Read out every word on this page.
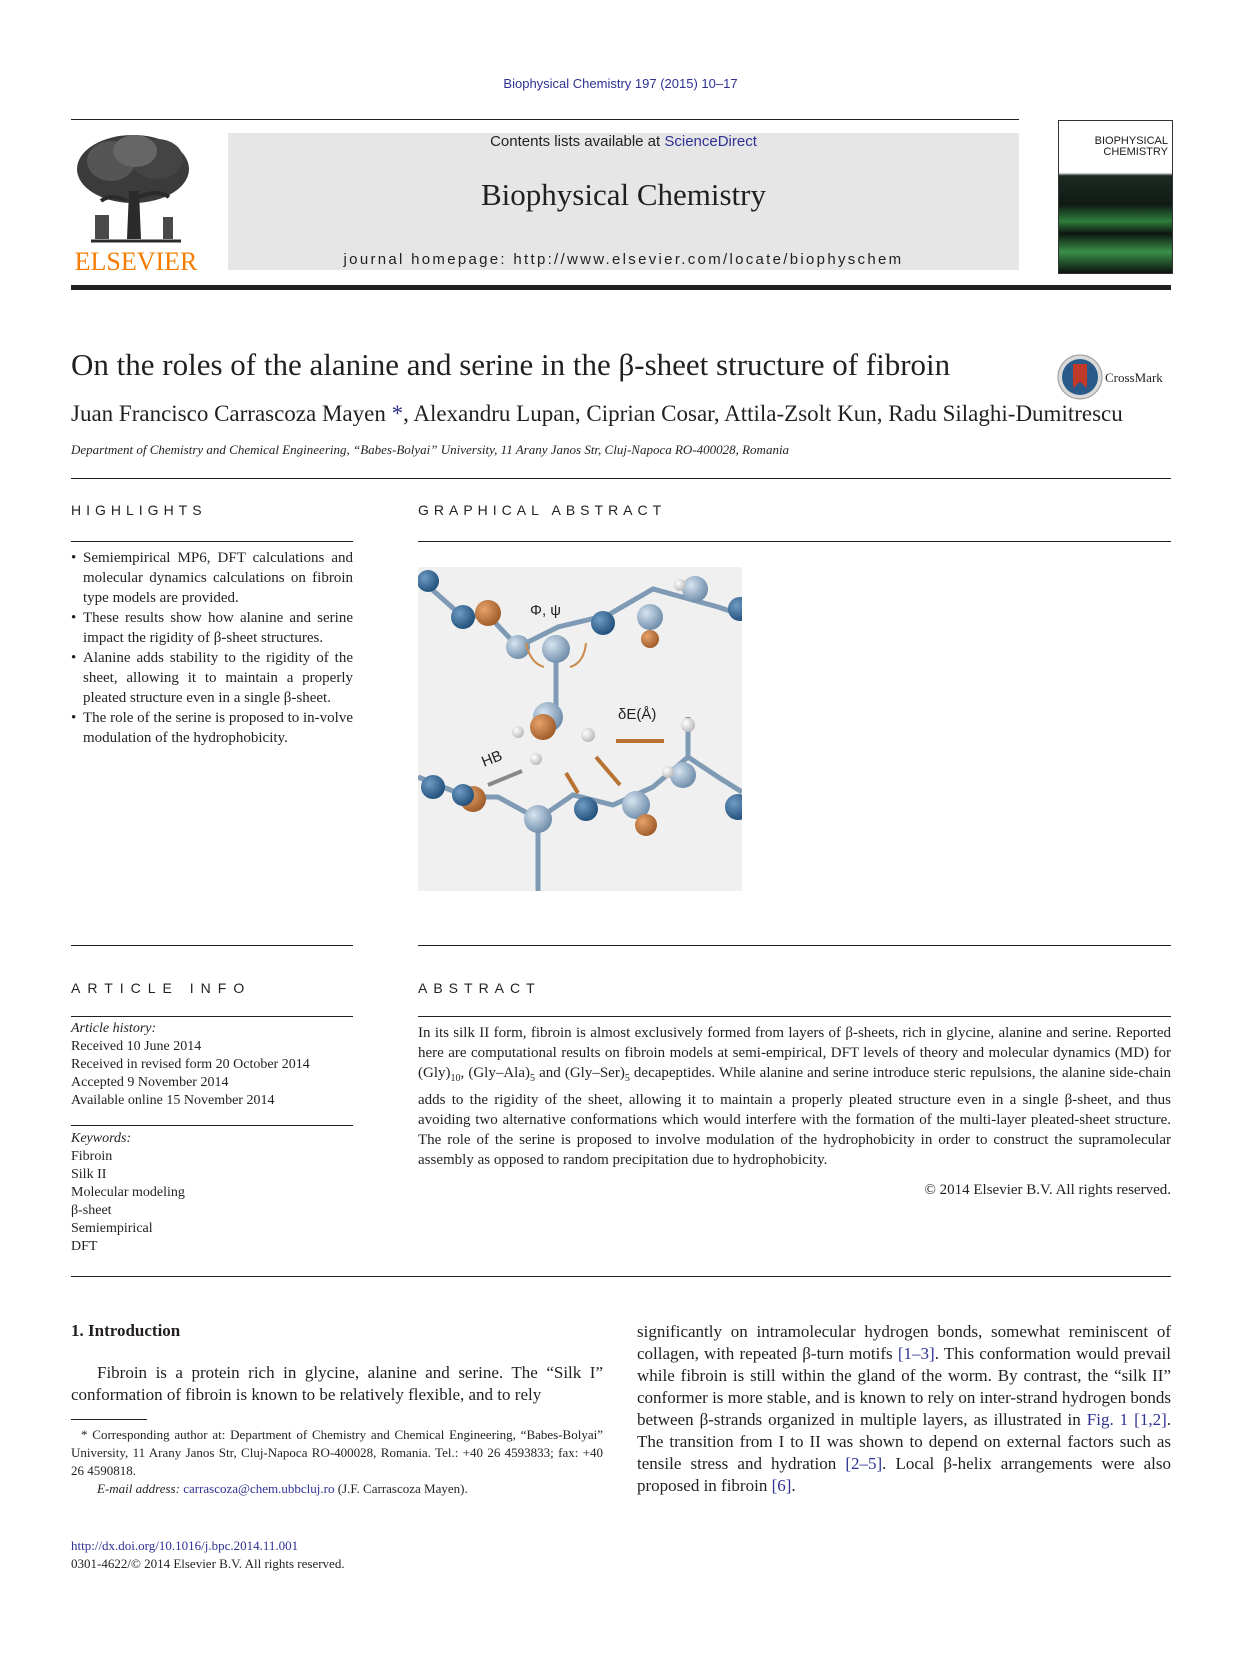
Biophysical Chemistry 197 (2015) 10–17
ELSEVIER
Contents lists available at ScienceDirect
Biophysical Chemistry
journal homepage: http://www.elsevier.com/locate/biophyschem
BIOPHYSICAL
CHEMISTRY
On the roles of the alanine and serine in the β-sheet structure of fibroin	CrossMark
Juan Francisco Carrascoza Mayen *, Alexandru Lupan, Ciprian Cosar, Attila-Zsolt Kun, Radu Silaghi-Dumitrescu
Department of Chemistry and Chemical Engineering, “Babes-Bolyai” University, 11 Arany Janos Str, Cluj-Napoca RO-400028, Romania
HIGHLIGHTS
• Semiempirical MP6, DFT calculations and molecular dynamics calculations on fibroin type models are provided.
• These results show how alanine and serine impact the rigidity of β-sheet structures.
• Alanine adds stability to the rigidity of the sheet, allowing it to maintain a properly pleated structure even in a single β-sheet.
• The role of the serine is proposed to in-volve modulation of the hydrophobicity.
GRAPHICAL ABSTRACT
Φ, ψ
δE(Å)
HB
ARTICLE INFO
Article history:
Received 10 June 2014
Received in revised form 20 October 2014
Accepted 9 November 2014
Available online 15 November 2014
Keywords:
Fibroin
Silk II
Molecular modeling
β-sheet
Semiempirical
DFT
ABSTRACT
In its silk II form, fibroin is almost exclusively formed from layers of β-sheets, rich in glycine, alanine and serine. Reported here are computational results on fibroin models at semi-empirical, DFT levels of theory and molecular dynamics (MD) for $(Gly)_{10}$, $(Gly-Ala)_5$ and $(Gly-Ser)_5$ decapeptides. While alanine and serine introduce steric repulsions, the alanine side-chain adds to the rigidity of the sheet, allowing it to maintain a properly pleated structure even in a single β-sheet, and thus avoiding two alternative conformations which would interfere with the formation of the multi-layer pleated-sheet structure. The role of the serine is proposed to involve modulation of the hydrophobicity in order to construct the supramolecular assembly as opposed to random precipitation due to hydrophobicity.
© 2014 Elsevier B.V. All rights reserved.
1. Introduction
Fibroin is a protein rich in glycine, alanine and serine. The “Silk I” conformation of fibroin is known to be relatively flexible, and to rely
* Corresponding author at: Department of Chemistry and Chemical Engineering, “Babes-Bolyai” University, 11 Arany Janos Str, Cluj-Napoca RO-400028, Romania. Tel.: +40 26 4593833; fax: +40 26 4590818.
E-mail address: carrascoza@chem.ubbcluj.ro (J.F. Carrascoza Mayen).
significantly on intramolecular hydrogen bonds, somewhat reminiscent of collagen, with repeated β-turn motifs [1–3]. This conformation would prevail while fibroin is still within the gland of the worm. By contrast, the “silk II” conformer is more stable, and is known to rely on inter-strand hydrogen bonds between β-strands organized in multiple layers, as illustrated in Fig. 1 [1,2]. The transition from I to II was shown to depend on external factors such as tensile stress and hydration [2–5]. Local β-helix arrangements were also proposed in fibroin [6].
http://dx.doi.org/10.1016/j.bpc.2014.11.001
0301-4622/© 2014 Elsevier B.V. All rights reserved.
